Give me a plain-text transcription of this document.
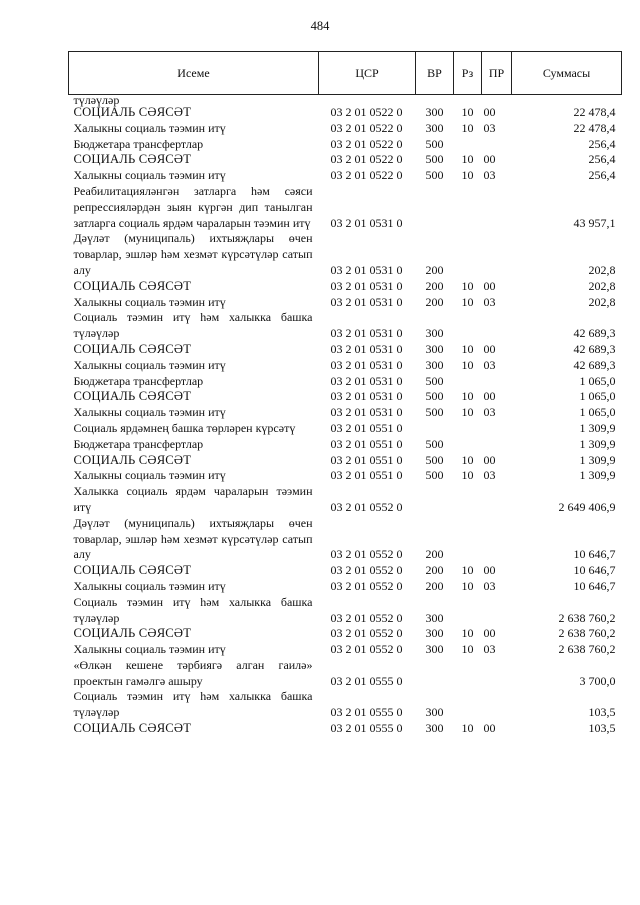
484
Исеме	ЦСР	ВР	Рз	ПР	Суммасы
түләүләр					
СОЦИАЛЬ СӘЯСӘТ	03 2 01 0522 0	300	10	00	22 478,4
Халыкны социаль тәэмин итү	03 2 01 0522 0	300	10	03	22 478,4
Бюджетара трансфертлар	03 2 01 0522 0	500			256,4
СОЦИАЛЬ СӘЯСӘТ	03 2 01 0522 0	500	10	00	256,4
Халыкны социаль тәэмин итү	03 2 01 0522 0	500	10	03	256,4
Реабилитацияләнгән затларга һәм сәяси репрессияләрдән зыян күргән дип танылган затларга социаль ярдәм чараларын тәэмин итү	03 2 01 0531 0				43 957,1
Дәүләт (муниципаль) ихтыяҗлары өчен товарлар, эшләр һәм хезмәт күрсәтүләр сатып алу	03 2 01 0531 0	200			202,8
СОЦИАЛЬ СӘЯСӘТ	03 2 01 0531 0	200	10	00	202,8
Халыкны социаль тәэмин итү	03 2 01 0531 0	200	10	03	202,8
Социаль тәэмин итү һәм халыкка башка түләүләр	03 2 01 0531 0	300			42 689,3
СОЦИАЛЬ СӘЯСӘТ	03 2 01 0531 0	300	10	00	42 689,3
Халыкны социаль тәэмин итү	03 2 01 0531 0	300	10	03	42 689,3
Бюджетара трансфертлар	03 2 01 0531 0	500			1 065,0
СОЦИАЛЬ СӘЯСӘТ	03 2 01 0531 0	500	10	00	1 065,0
Халыкны социаль тәэмин итү	03 2 01 0531 0	500	10	03	1 065,0
Социаль ярдәмнең башка төрләрен күрсәтү	03 2 01 0551 0				1 309,9
Бюджетара трансфертлар	03 2 01 0551 0	500			1 309,9
СОЦИАЛЬ СӘЯСӘТ	03 2 01 0551 0	500	10	00	1 309,9
Халыкны социаль тәэмин итү	03 2 01 0551 0	500	10	03	1 309,9
Халыкка социаль ярдәм чараларын тәэмин итү	03 2 01 0552 0				2 649 406,9
Дәүләт (муниципаль) ихтыяҗлары өчен товарлар, эшләр һәм хезмәт күрсәтүләр сатып алу	03 2 01 0552 0	200			10 646,7
СОЦИАЛЬ СӘЯСӘТ	03 2 01 0552 0	200	10	00	10 646,7
Халыкны социаль тәэмин итү	03 2 01 0552 0	200	10	03	10 646,7
Социаль тәэмин итү һәм халыкка башка түләүләр	03 2 01 0552 0	300			2 638 760,2
СОЦИАЛЬ СӘЯСӘТ	03 2 01 0552 0	300	10	00	2 638 760,2
Халыкны социаль тәэмин итү	03 2 01 0552 0	300	10	03	2 638 760,2
«Өлкән кешене тәрбиягә алган гаилә» проектын гамәлгә ашыру	03 2 01 0555 0				3 700,0
Социаль тәэмин итү һәм халыкка башка түләүләр	03 2 01 0555 0	300			103,5
СОЦИАЛЬ СӘЯСӘТ	03 2 01 0555 0	300	10	00	103,5
